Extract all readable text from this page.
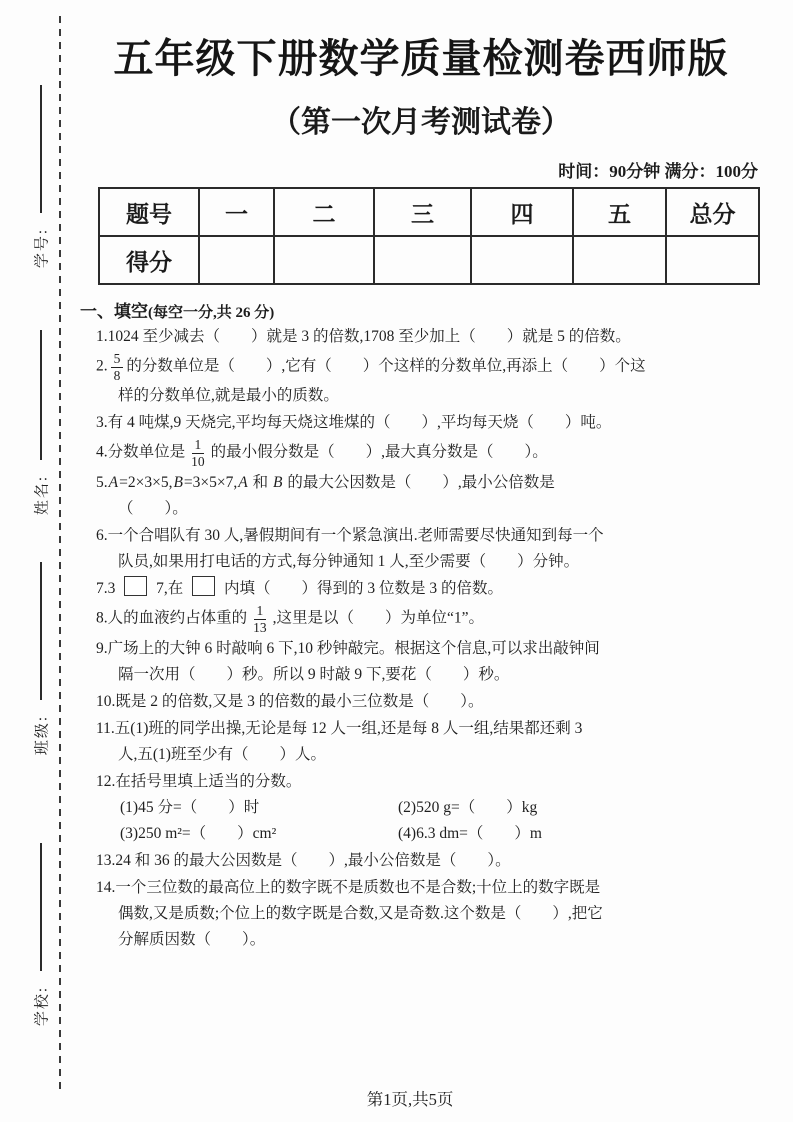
学号:
姓名:
班级:
学校:
五年级下册数学质量检测卷西师版
（第一次月考测试卷）
时间：90分钟 满分：100分
题号	一	二	三	四	五	总分
得分						
一、填空(每空一分,共 26 分)
1.1024 至少减去（　　）就是 3 的倍数,1708 至少加上（　　）就是 5 的倍数。
2. $\frac{5}{8}$ 的分数单位是（　　）,它有（　　）个这样的分数单位,再添上（　　）个这
样的分数单位,就是最小的质数。
3.有 4 吨煤,9 天烧完,平均每天烧这堆煤的（　　）,平均每天烧（　　）吨。
4.分数单位是 $\frac{1}{10}$ 的最小假分数是（　　）,最大真分数是（　　）。
5.A=2×3×5,B=3×5×7,A 和 B 的最大公因数是（　　）,最小公倍数是
（　　）。
6.一个合唱队有 30 人,暑假期间有一个紧急演出.老师需要尽快通知到每一个
队员,如果用打电话的方式,每分钟通知 1 人,至少需要（　　）分钟。
7.3  7,在  内填（　　）得到的 3 位数是 3 的倍数。
8.人的血液约占体重的 $\frac{1}{13}$ ,这里是以（　　）为单位“1”。
9.广场上的大钟 6 时敲响 6 下,10 秒钟敲完。根据这个信息,可以求出敲钟间
隔一次用（　　）秒。所以 9 时敲 9 下,要花（　　）秒。
10.既是 2 的倍数,又是 3 的倍数的最小三位数是（　　）。
11.五(1)班的同学出操,无论是每 12 人一组,还是每 8 人一组,结果都还剩 3
人,五(1)班至少有（　　）人。
12.在括号里填上适当的分数。
(1)45 分=（　　）时	(2)520 g=（　　）kg
(3)250 m²=（　　）cm²	(4)6.3 dm=（　　）m
13.24 和 36 的最大公因数是（　　）,最小公倍数是（　　）。
14.一个三位数的最高位上的数字既不是质数也不是合数;十位上的数字既是
偶数,又是质数;个位上的数字既是合数,又是奇数.这个数是（　　）,把它
分解质因数（　　）。
第1页,共5页
